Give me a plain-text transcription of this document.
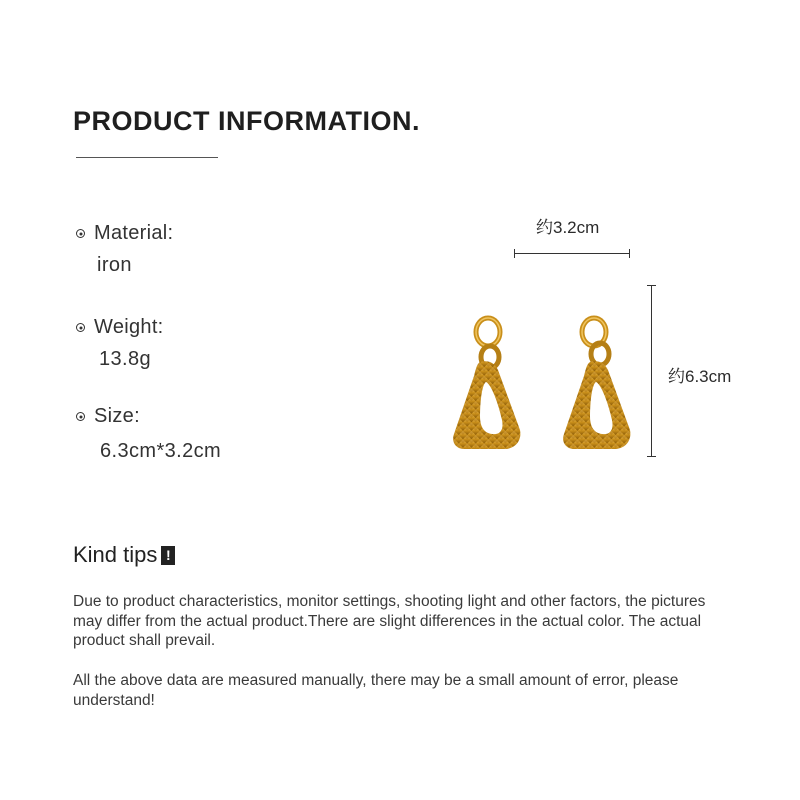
PRODUCT INFORMATION.
Material:
iron
Weight:
13.8g
Size:
6.3cm*3.2cm
约3.2cm
约6.3cm
Kind tips !

Due to product characteristics, monitor settings, shooting light and other factors, the pictures may differ from the actual product.There are slight differences in the actual color. The actual product shall prevail.

All the above data are measured manually, there may be a small amount of error, please understand!
